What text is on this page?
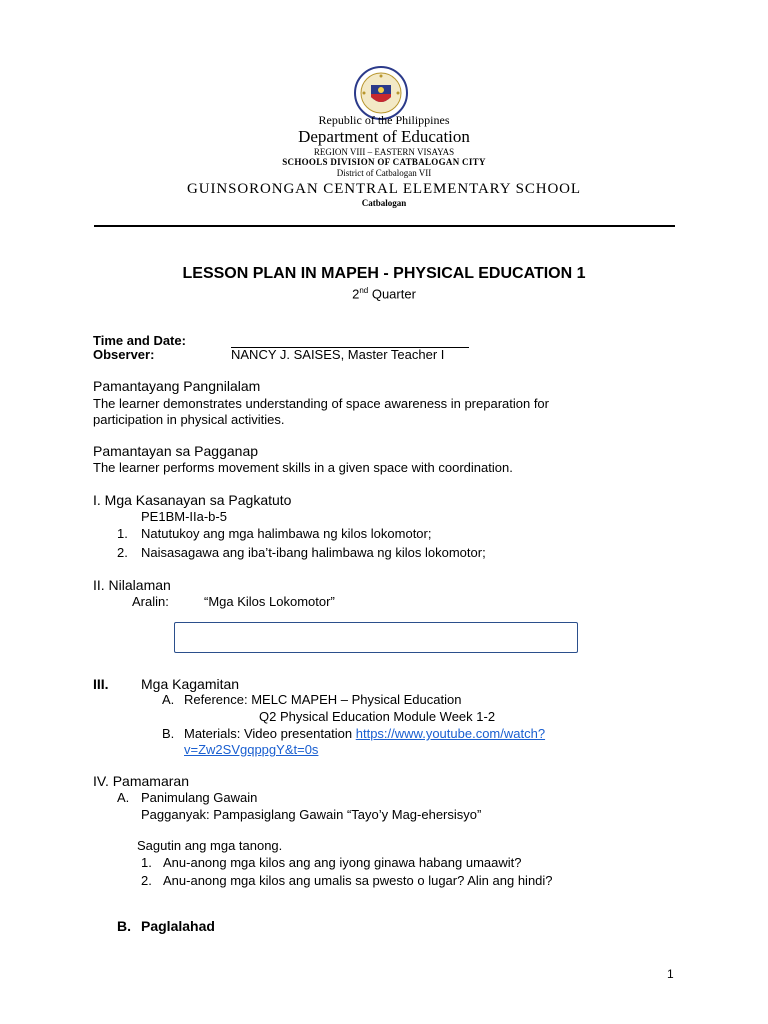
Republic of the Philippines
Department of Education
REGION VIII – EASTERN VISAYAS
SCHOOLS DIVISION OF CATBALOGAN CITY
District of Catbalogan VII
GUINSORONGAN CENTRAL ELEMENTARY SCHOOL
Catbalogan
LESSON PLAN IN MAPEH - PHYSICAL EDUCATION 1
2nd Quarter
Time and Date:
Observer:	NANCY J. SAISES, Master Teacher I
Pamantayang Pangnilalam
The learner demonstrates understanding of space awareness in preparation for
participation in physical activities.
Pamantayan sa Pagganap
The learner performs movement skills in a given space with coordination.
I. Mga Kasanayan sa Pagkatuto
PE1BM-IIa-b-5
1. Natutukoy ang mga halimbawa ng kilos lokomotor;
2. Naisasagawa ang iba’t-ibang halimbawa ng kilos lokomotor;
II. Nilalaman
Aralin:	“Mga Kilos Lokomotor”
III. Mga Kagamitan
A. Reference: MELC MAPEH – Physical Education
Q2 Physical Education Module Week 1-2
B. Materials: Video presentation https://www.youtube.com/watch?
v=Zw2SVgqppgY&t=0s
IV. Pamamaran
A. Panimulang Gawain
Pagganyak: Pampasiglang Gawain “Tayo’y Mag-ehersisyo”
Sagutin ang mga tanong.
1. Anu-anong mga kilos ang ang iyong ginawa habang umaawit?
2. Anu-anong mga kilos ang umalis sa pwesto o lugar? Alin ang hindi?
B. Paglalahad
1
